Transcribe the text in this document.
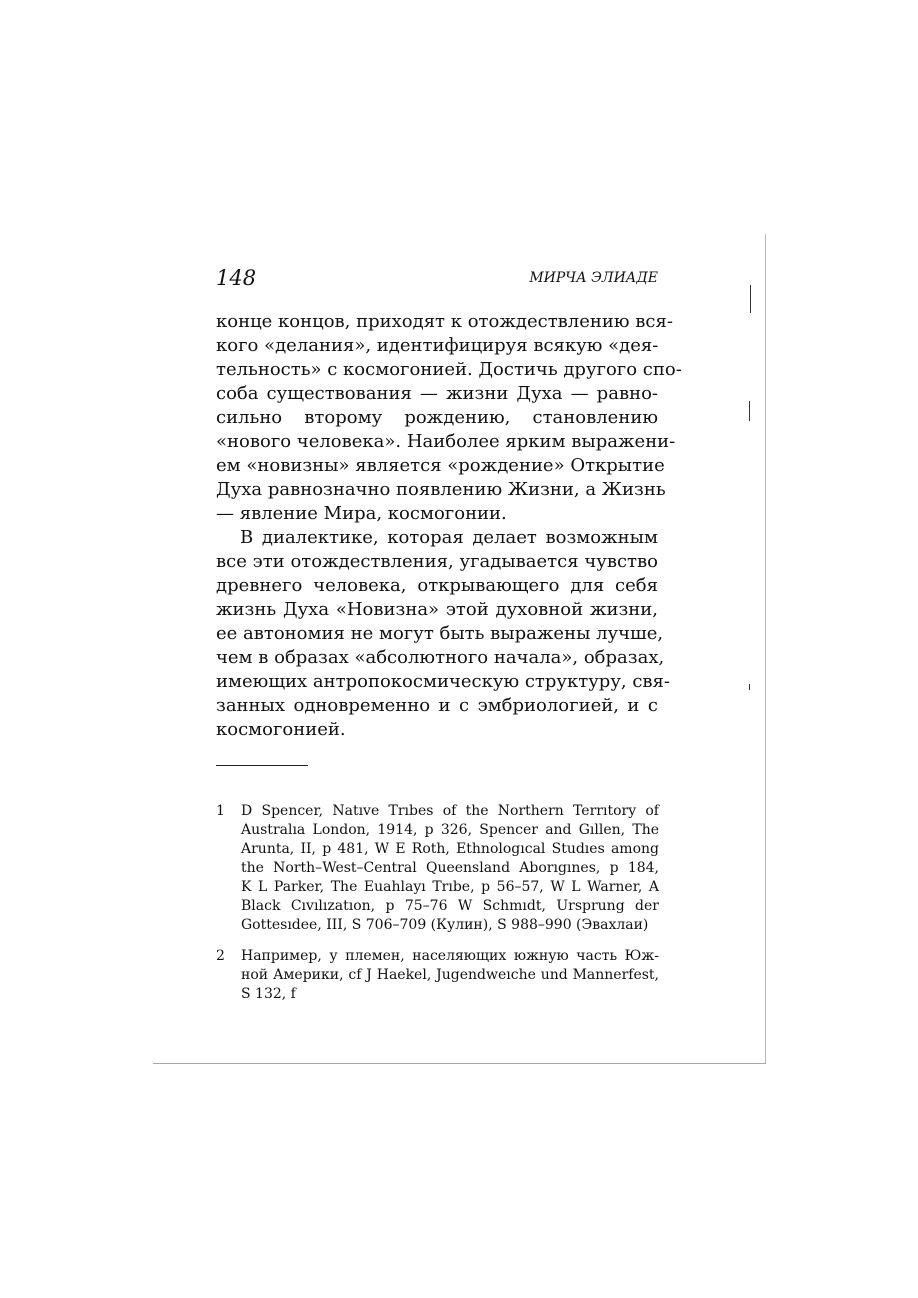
148	МИРЧА ЭЛИАДЕ
конце концов, приходят к отождествлению вся-
кого «делания», идентифицируя всякую «дея-
тельность» с космогонией. Достичь другого спо-
соба существования — жизни Духа — равно-
сильно второму рождению, становлению
«нового человека». Наиболее ярким выражени-
ем «новизны» является «рождение» Открытие
Духа равнозначно появлению Жизни, а Жизнь
— явление Мира, космогонии.
В диалектике, которая делает возможным
все эти отождествления, угадывается чувство
древнего человека, открывающего для себя
жизнь Духа «Новизна» этой духовной жизни,
ее автономия не могут быть выражены лучше,
чем в образах «абсолютного начала», образах,
имеющих антропокосмическую структуру, свя-
занных одновременно и с эмбриологией, и с
космогонией.
1 D Spencer, Natıve Trıbes of the Northern Terrıtory of
Australıa London, 1914, p 326, Spencer and Gıllen, The
Arunta, II, p 481, W E Roth, Ethnologıcal Studıes among
the North–West–Central Queensland Aborıgınes, p 184,
K L Parker, The Euahlayı Trıbe, p 56–57, W L Warner, A
Black Cıvılızatıon, p 75–76 W Schmıdt, Ursprung der
Gottesıdee, III, S 706–709 (Кулин), S 988–990 (Эвахлаи)
2 Например, у племен, населяющих южную часть Юж-
ной Америки, cf J Haekel, Jugendweıche und Mannerfest,
S 132, f
